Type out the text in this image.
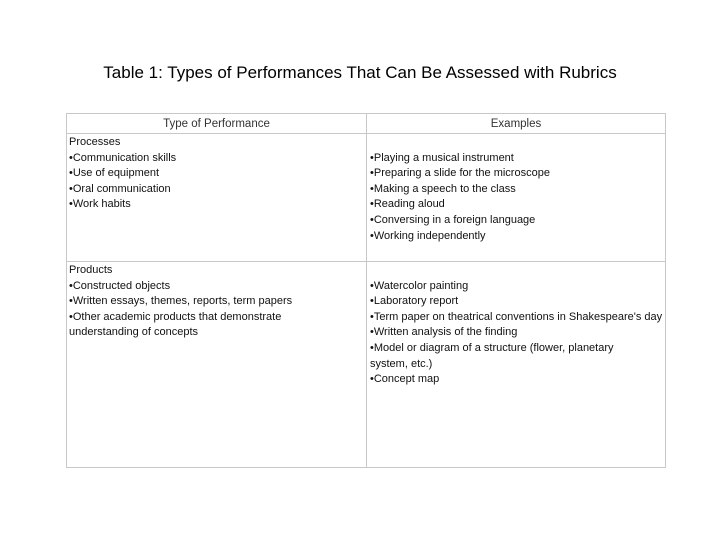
Table 1: Types of Performances That Can Be Assessed with Rubrics
Type of Performance	Examples
Processes
•Communication skills
•Use of equipment
•Oral communication
•Work habits
•Playing a musical instrument
•Preparing a slide for the microscope
•Making a speech to the class
•Reading aloud
•Conversing in a foreign language
•Working independently
Products
•Constructed objects
•Written essays, themes, reports, term papers
•Other academic products that demonstrate understanding of concepts
•Watercolor painting
•Laboratory report
•Term paper on theatrical conventions in Shakespeare's day
•Written analysis of the finding
•Model or diagram of a structure (flower, planetary system, etc.)
•Concept map
